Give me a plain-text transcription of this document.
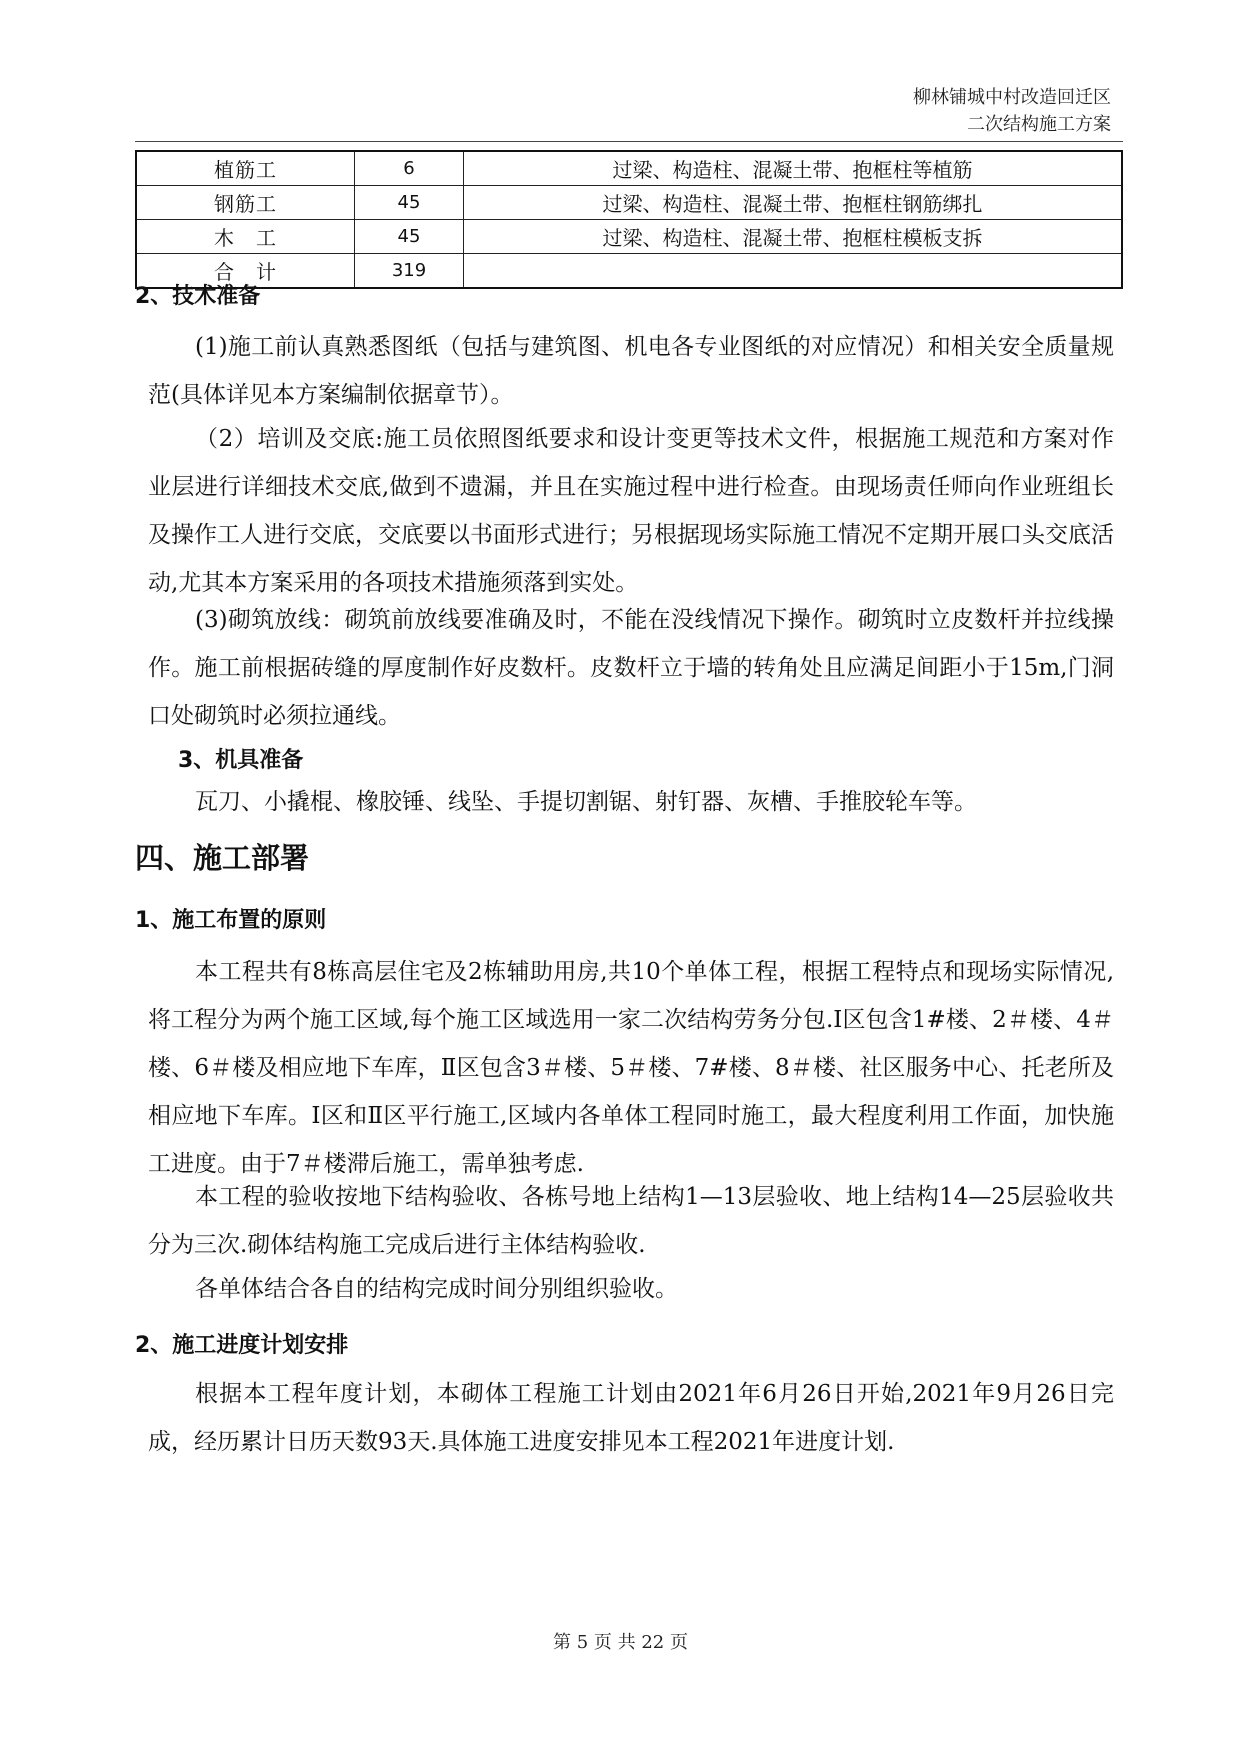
柳林铺城中村改造回迁区
二次结构施工方案
植筋工	6	过梁、构造柱、混凝土带、抱框柱等植筋
钢筋工	45	过梁、构造柱、混凝土带、抱框柱钢筋绑扎
木　工	45	过梁、构造柱、混凝土带、抱框柱模板支拆
合　计	319	
2、技术准备

(1)施工前认真熟悉图纸（包括与建筑图、机电各专业图纸的对应情况）和相关安全质量规范(具体详见本方案编制依据章节）。

（2）培训及交底:施工员依照图纸要求和设计变更等技术文件，根据施工规范和方案对作业层进行详细技术交底,做到不遗漏，并且在实施过程中进行检查。由现场责任师向作业班组长及操作工人进行交底，交底要以书面形式进行；另根据现场实际施工情况不定期开展口头交底活动,尤其本方案采用的各项技术措施须落到实处。

(3)砌筑放线：砌筑前放线要准确及时，不能在没线情况下操作。砌筑时立皮数杆并拉线操作。施工前根据砖缝的厚度制作好皮数杆。皮数杆立于墙的转角处且应满足间距小于15m,门洞口处砌筑时必须拉通线。

3、机具准备

瓦刀、小撬棍、橡胶锤、线坠、手提切割锯、射钉器、灰槽、手推胶轮车等。

四、施工部署
1、施工布置的原则

本工程共有8栋高层住宅及2栋辅助用房,共10个单体工程，根据工程特点和现场实际情况,将工程分为两个施工区域,每个施工区域选用一家二次结构劳务分包.I区包含1#楼、2＃楼、4＃楼、6＃楼及相应地下车库，Ⅱ区包含3＃楼、5＃楼、7#楼、8＃楼、社区服务中心、托老所及相应地下车库。I区和Ⅱ区平行施工,区域内各单体工程同时施工，最大程度利用工作面，加快施工进度。由于7＃楼滞后施工，需单独考虑.

本工程的验收按地下结构验收、各栋号地上结构1—13层验收、地上结构14—25层验收共分为三次.砌体结构施工完成后进行主体结构验收.

各单体结合各自的结构完成时间分别组织验收。

2、施工进度计划安排

根据本工程年度计划，本砌体工程施工计划由2021年6月26日开始,2021年9月26日完成，经历累计日历天数93天.具体施工进度安排见本工程2021年进度计划.

第 5 页 共 22 页
